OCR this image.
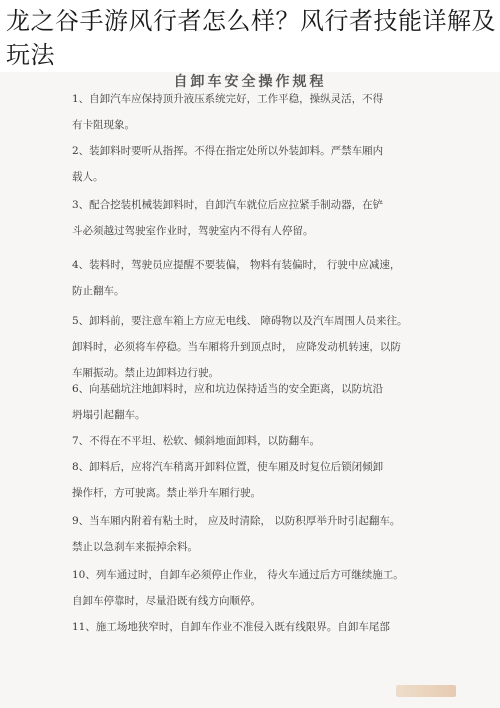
龙之谷手游风行者怎么样？风行者技能详解及玩法
自卸车安全操作规程
1、自卸汽车应保持顶升液压系统完好，工作平稳，操纵灵活，不得
有卡阻现象。
2、装卸料时要听从指挥。不得在指定处所以外装卸料。严禁车厢内
载人。
3、配合挖装机械装卸料时，自卸汽车就位后应拉紧手制动器，在铲
斗必须越过驾驶室作业时，驾驶室内不得有人停留。
4、装料时，驾驶员应提醒不要装偏， 物料有装偏时， 行驶中应减速，
防止翻车。
5、卸料前，要注意车箱上方应无电线、 障碍物以及汽车周围人员来往。
卸料时，必须将车停稳。当车厢将升到顶点时， 应降发动机转速，以防
车厢振动。禁止边卸料边行驶。
6、向基础坑注地卸料时，应和坑边保持适当的安全距离，以防坑沿
坍塌引起翻车。
7、不得在不平坦、松软、倾斜地面卸料，以防翻车。
8、卸料后，应将汽车稍离开卸料位置，使车厢及时复位后锁闭倾卸
操作杆，方可驶离。禁止举升车厢行驶。
9、当车厢内附着有粘土时， 应及时清除， 以防积厚举升时引起翻车。
禁止以急刹车来振掉余料。
10、列车通过时，自卸车必须停止作业， 待火车通过后方可继续施工。
自卸车停靠时，尽量沿既有线方向顺停。
11、施工场地狭窄时，自卸车作业不准侵入既有线限界。自卸车尾部
